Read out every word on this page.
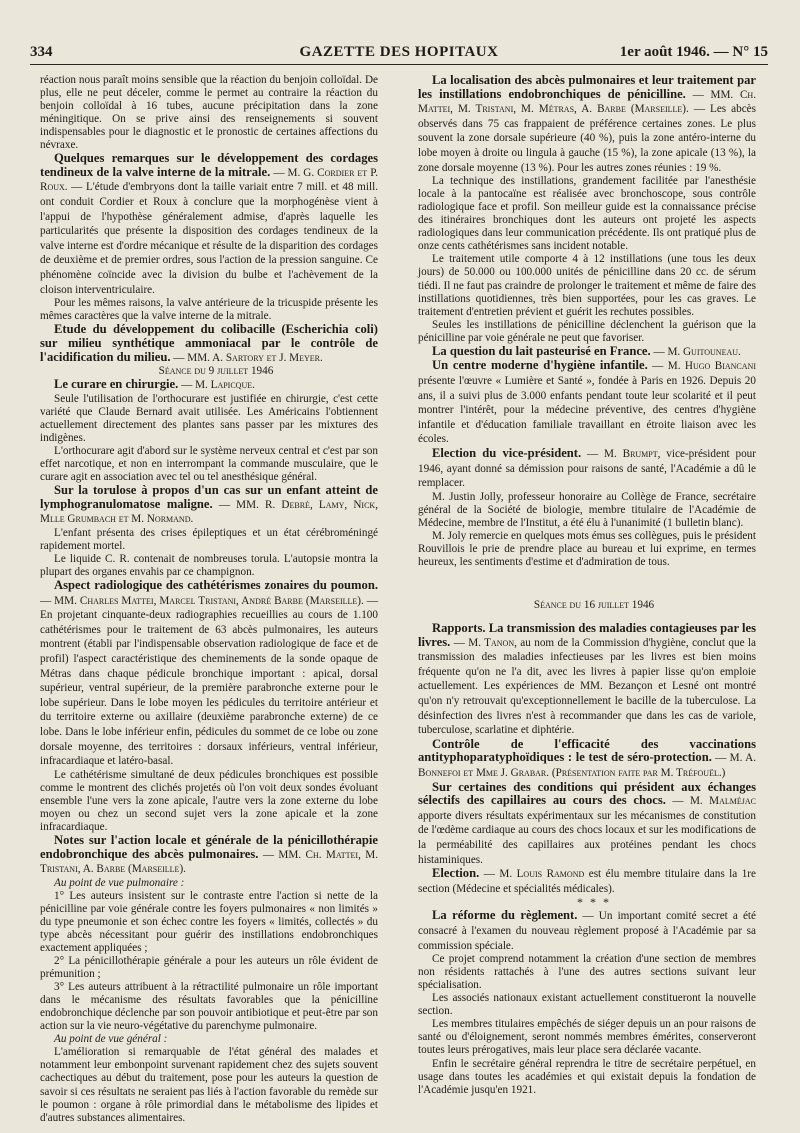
334	GAZETTE DES HOPITAUX	1er août 1946. — N° 15

réaction nous paraît moins sensible que la réaction du benjoin colloïdal. De plus, elle ne peut déceler, comme le permet au contraire la réaction du benjoin colloïdal à 16 tubes, aucune précipitation dans la zone méningitique. On se prive ainsi des renseignements si souvent indispensables pour le diagnostic et le pronostic de certaines affections du névraxe.

Quelques remarques sur le développement des cordages tendineux de la valve interne de la mitrale. — M. G. Cordier et P. Roux. — L'étude d'embryons dont la taille variait entre 7 mill. et 48 mill. ont conduit Cordier et Roux à conclure que la morphogénèse vient à l'appui de l'hypothèse généralement admise, d'après laquelle les particularités que présente la disposition des cordages tendineux de la valve interne est d'ordre mécanique et résulte de la disparition des cordages de deuxième et de premier ordres, sous l'action de la pression sanguine. Ce phénomène coïncide avec la division du bulbe et l'achèvement de la cloison interventriculaire.

Pour les mêmes raisons, la valve antérieure de la tricuspide présente les mêmes caractères que la valve interne de la mitrale.

Etude du développement du colibacille (Escherichia coli) sur milieu synthétique ammoniacal par le contrôle de l'acidification du milieu. — MM. A. Sartory et J. Meyer.

Séance du 9 juillet 1946

Le curare en chirurgie. — M. Lapicque.

Seule l'utilisation de l'orthocurare est justifiée en chirurgie, c'est cette variété que Claude Bernard avait utilisée. Les Américains l'obtiennent actuellement directement des plantes sans passer par les mixtures des indigènes.

L'orthocurare agit d'abord sur le système nerveux central et c'est par son effet narcotique, et non en interrompant la commande musculaire, que le curare agit en association avec tel ou tel anesthésique général.

Sur la torulose à propos d'un cas sur un enfant atteint de lymphogranulomatose maligne. — MM. R. Debré, Lamy, Nick, Mlle Grumbach et M. Normand.

L'enfant présenta des crises épileptiques et un état cérébroméningé rapidement mortel.

Le liquide C. R. contenait de nombreuses torula. L'autopsie montra la plupart des organes envahis par ce champignon.

Aspect radiologique des cathétérismes zonaires du poumon. — MM. Charles Mattei, Marcel Tristani, André Barbe (Marseille). — En projetant cinquante-deux radiographies recueillies au cours de 1.100 cathétérismes pour le traitement de 63 abcès pulmonaires, les auteurs montrent (établi par l'indispensable observation radiologique de face et de profil) l'aspect caractéristique des cheminements de la sonde opaque de Métras dans chaque pédicule bronchique important : apical, dorsal supérieur, ventral supérieur, de la première parabronche externe pour le lobe supérieur. Dans le lobe moyen les pédicules du territoire antérieur et du territoire externe ou axillaire (deuxième parabronche externe) de ce lobe. Dans le lobe inférieur enfin, pédicules du sommet de ce lobe ou zone dorsale moyenne, des territoires : dorsaux inférieurs, ventral inférieur, infracardiaque et latéro-basal.

Le cathétérisme simultané de deux pédicules bronchiques est possible comme le montrent des clichés projetés où l'on voit deux sondes évoluant ensemble l'une vers la zone apicale, l'autre vers la zone externe du lobe moyen ou chez un second sujet vers la zone apicale et la zone infracardiaque.

Notes sur l'action locale et générale de la pénicillothérapie endobronchique des abcès pulmonaires. — MM. Ch. Mattei, M. Tristani, A. Barbe (Marseille).

Au point de vue pulmonaire :

1° Les auteurs insistent sur le contraste entre l'action si nette de la pénicilline par voie générale contre les foyers pulmonaires « non limités » du type pneumonie et son échec contre les foyers « limités, collectés » du type abcès nécessitant pour guérir des instillations endobronchiques exactement appliquées ;

2° La pénicillothérapie générale a pour les auteurs un rôle évident de prémunition ;

3° Les auteurs attribuent à la rétractilité pulmonaire un rôle important dans le mécanisme des résultats favorables que la pénicilline endobronchique déclenche par son pouvoir antibiotique et peut-être par son action sur la vie neuro-végétative du parenchyme pulmonaire.

Au point de vue général :

L'amélioration si remarquable de l'état général des malades et notamment leur embonpoint survenant rapidement chez des sujets souvent cachectiques au début du traitement, pose pour les auteurs la question de savoir si ces résultats ne seraient pas liés à l'action favorable du remède sur le poumon : organe à rôle primordial dans le métabolisme des lipides et d'autres substances alimentaires.

La localisation des abcès pulmonaires et leur traitement par les instillations endobronchiques de pénicilline. — MM. Ch. Mattei, M. Tristani, M. Métras, A. Barbe (Marseille). — Les abcès observés dans 75 cas frappaient de préférence certaines zones. Le plus souvent la zone dorsale supérieure (40 %), puis la zone antéro-interne du lobe moyen à droite ou lingula à gauche (15 %), la zone apicale (13 %), la zone dorsale moyenne (13 %). Pour les autres zones réunies : 19 %.

La technique des instillations, grandement facilitée par l'anesthésie locale à la pantocaïne est réalisée avec bronchoscope, sous contrôle radiologique face et profil. Son meilleur guide est la connaissance précise des itinéraires bronchiques dont les auteurs ont projeté les aspects radiologiques dans leur communication précédente. Ils ont pratiqué plus de onze cents cathétérismes sans incident notable.

Le traitement utile comporte 4 à 12 instillations (une tous les deux jours) de 50.000 ou 100.000 unités de pénicilline dans 20 cc. de sérum tiédi. Il ne faut pas craindre de prolonger le traitement et même de faire des instillations quotidiennes, très bien supportées, pour les cas graves. Le traitement d'entretien prévient et guérit les rechutes possibles.

Seules les instillations de pénicilline déclenchent la guérison que la pénicilline par voie générale ne peut que favoriser.

La question du lait pasteurisé en France. — M. Guitouneau.

Un centre moderne d'hygiène infantile. — M. Hugo Biancani présente l'œuvre « Lumière et Santé », fondée à Paris en 1926. Depuis 20 ans, il a suivi plus de 3.000 enfants pendant toute leur scolarité et il peut montrer l'intérêt, pour la médecine préventive, des centres d'hygiène infantile et d'éducation familiale travaillant en étroite liaison avec les écoles.

Election du vice-président. — M. Brumpt, vice-président pour 1946, ayant donné sa démission pour raisons de santé, l'Académie a dû le remplacer.

M. Justin Jolly, professeur honoraire au Collège de France, secrétaire général de la Société de biologie, membre titulaire de l'Académie de Médecine, membre de l'Institut, a été élu à l'unanimité (1 bulletin blanc).

M. Joly remercie en quelques mots émus ses collègues, puis le président Rouvillois le prie de prendre place au bureau et lui exprime, en termes heureux, les sentiments d'estime et d'admiration de tous.

Séance du 16 juillet 1946

Rapports. La transmission des maladies contagieuses par les livres. — M. Tanon, au nom de la Commission d'hygiène, conclut que la transmission des maladies infectieuses par les livres est bien moins fréquente qu'on ne l'a dit, avec les livres à papier lisse qu'on emploie actuellement. Les expériences de MM. Bezançon et Lesné ont montré qu'on n'y retrouvait qu'exceptionnellement le bacille de la tuberculose. La désinfection des livres n'est à recommander que dans les cas de variole, tuberculose, scarlatine et diphtérie.

Contrôle de l'efficacité des vaccinations antityphoparatyphoïdiques : le test de séro-protection. — M. A. Bonnefoi et Mme J. Grabar. (Présentation faite par M. Tréfouël.)

Sur certaines des conditions qui président aux échanges sélectifs des capillaires au cours des chocs. — M. Malméjac apporte divers résultats expérimentaux sur les mécanismes de constitution de l'œdème cardiaque au cours des chocs locaux et sur les modifications de la perméabilité des capillaires aux protéines pendant les chocs histaminiques.

Election. — M. Louis Ramond est élu membre titulaire dans la 1re section (Médecine et spécialités médicales).

* * *

La réforme du règlement. — Un important comité secret a été consacré à l'examen du nouveau règlement proposé à l'Académie par sa commission spéciale.

Ce projet comprend notamment la création d'une section de membres non résidents rattachés à l'une des autres sections suivant leur spécialisation.

Les associés nationaux existant actuellement constitueront la nouvelle section.

Les membres titulaires empêchés de siéger depuis un an pour raisons de santé ou d'éloignement, seront nommés membres émérites, conserveront toutes leurs prérogatives, mais leur place sera déclarée vacante.

Enfin le secrétaire général reprendra le titre de secrétaire perpétuel, en usage dans toutes les académies et qui existait depuis la fondation de l'Académie jusqu'en 1921.
